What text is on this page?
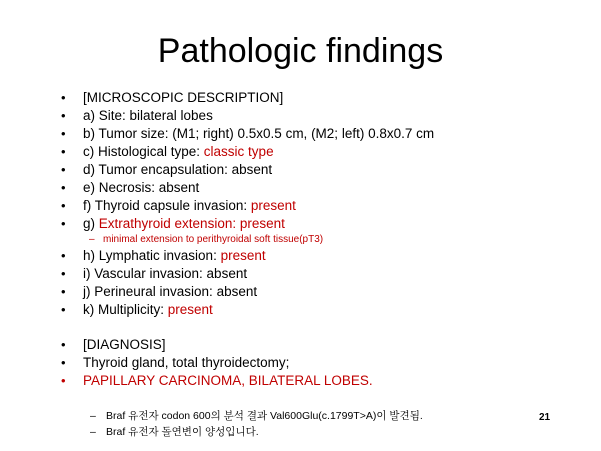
Pathologic findings
• [MICROSCOPIC DESCRIPTION]
• a) Site: bilateral lobes
• b) Tumor size: (M1; right) 0.5x0.5 cm, (M2; left) 0.8x0.7 cm
• c) Histological type: classic type
• d) Tumor encapsulation: absent
• e) Necrosis: absent
• f) Thyroid capsule invasion: present
• g) Extrathyroid extension: present
– minimal extension to perithyroidal soft tissue(pT3)
• h) Lymphatic invasion: present
• i) Vascular invasion: absent
• j) Perineural invasion: absent
• k) Multiplicity: present
• [DIAGNOSIS]
• Thyroid gland, total thyroidectomy;
• PAPILLARY CARCINOMA, BILATERAL LOBES.
– Braf 유전자 codon 600의 분석 결과 Val600Glu(c.1799T>A)이 발견됨.
– Braf 유전자 돌연변이 양성입니다.
21
